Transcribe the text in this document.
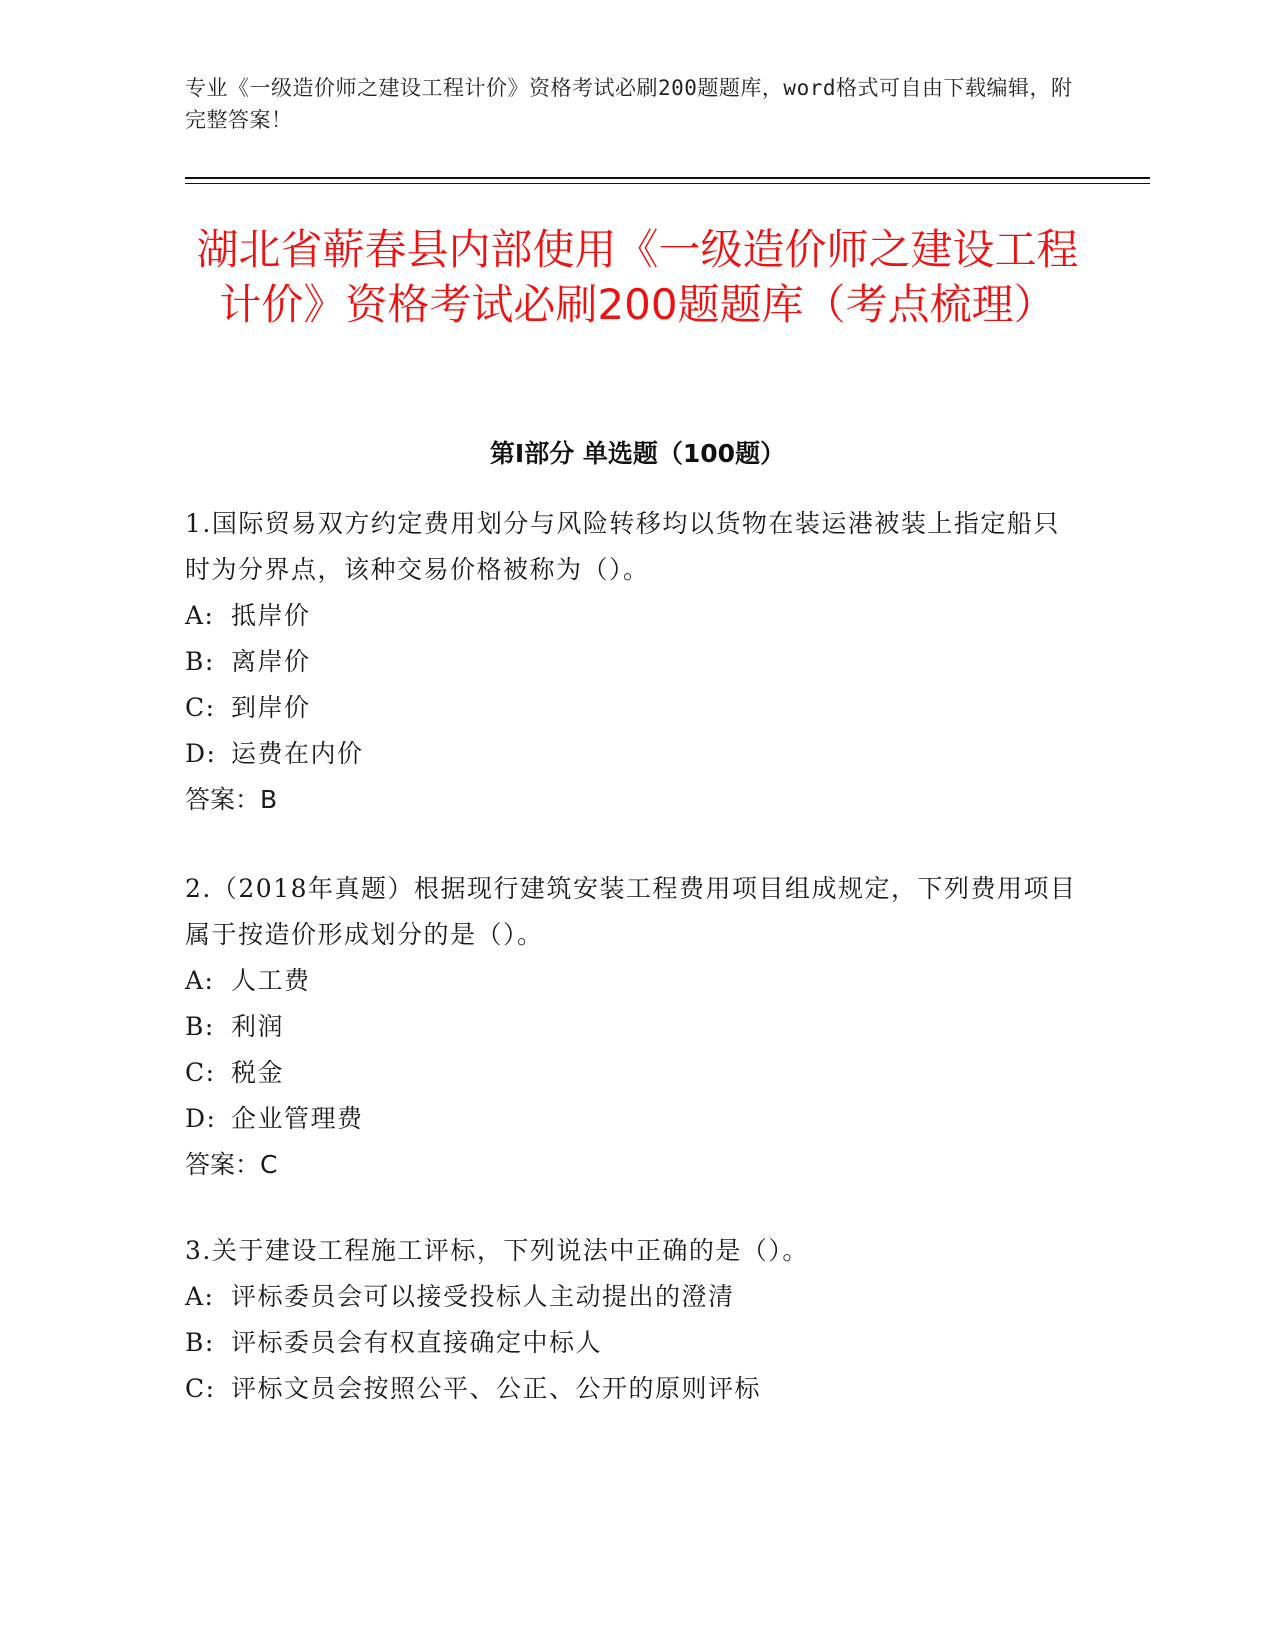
专业《一级造价师之建设工程计价》资格考试必刷200题题库，word格式可自由下载编辑，附完整答案！
湖北省蕲春县内部使用《一级造价师之建设工程计价》资格考试必刷200题题库（考点梳理）
第I部分 单选题（100题）

1.国际贸易双方约定费用划分与风险转移均以货物在装运港被装上指定船只时为分界点，该种交易价格被称为（）。

A: 抵岸价

B: 离岸价

C: 到岸价

D: 运费在内价

答案：B

2.（2018年真题）根据现行建筑安装工程费用项目组成规定，下列费用项目属于按造价形成划分的是（）。

A: 人工费

B: 利润

C: 税金

D: 企业管理费

答案：C

3.关于建设工程施工评标，下列说法中正确的是（）。

A: 评标委员会可以接受投标人主动提出的澄清

B: 评标委员会有权直接确定中标人

C: 评标文员会按照公平、公正、公开的原则评标
